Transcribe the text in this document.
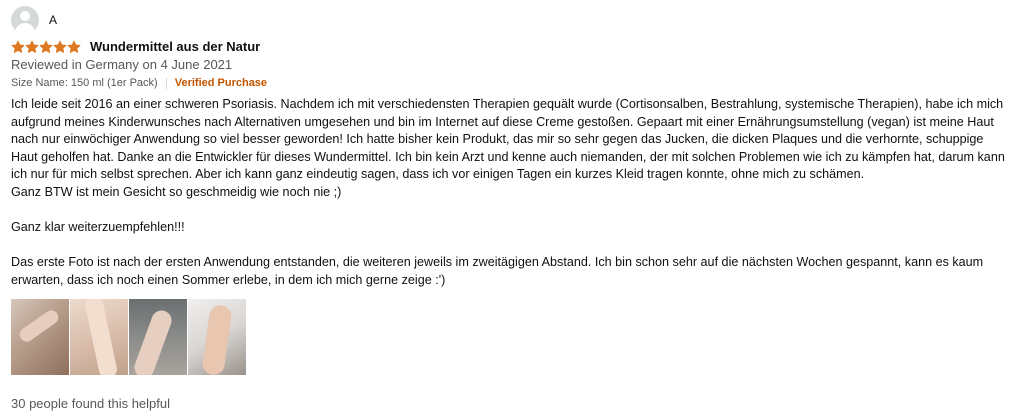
A
Wundermittel aus der Natur
Reviewed in Germany on 4 June 2021
Size Name: 150 ml (1er Pack) Verified Purchase

Ich leide seit 2016 an einer schweren Psoriasis. Nachdem ich mit verschiedensten Therapien gequält wurde (Cortisonsalben, Bestrahlung, systemische Therapien), habe ich mich aufgrund meines Kinderwunsches nach Alternativen umgesehen und bin im Internet auf diese Creme gestoßen. Gepaart mit einer Ernährungsumstellung (vegan) ist meine Haut nach nur einwöchiger Anwendung so viel besser geworden! Ich hatte bisher kein Produkt, das mir so sehr gegen das Jucken, die dicken Plaques und die verhornte, schuppige Haut geholfen hat. Danke an die Entwickler für dieses Wundermittel. Ich bin kein Arzt und kenne auch niemanden, der mit solchen Problemen wie ich zu kämpfen hat, darum kann ich nur für mich selbst sprechen. Aber ich kann ganz eindeutig sagen, dass ich vor einigen Tagen ein kurzes Kleid tragen konnte, ohne mich zu schämen.

Ganz BTW ist mein Gesicht so geschmeidig wie noch nie ;)

Ganz klar weiterzuempfehlen!!!

Das erste Foto ist nach der ersten Anwendung entstanden, die weiteren jeweils im zweitägigen Abstand. Ich bin schon sehr auf die nächsten Wochen gespannt, kann es kaum erwarten, dass ich noch einen Sommer erlebe, in dem ich mich gerne zeige :')

30 people found this helpful
